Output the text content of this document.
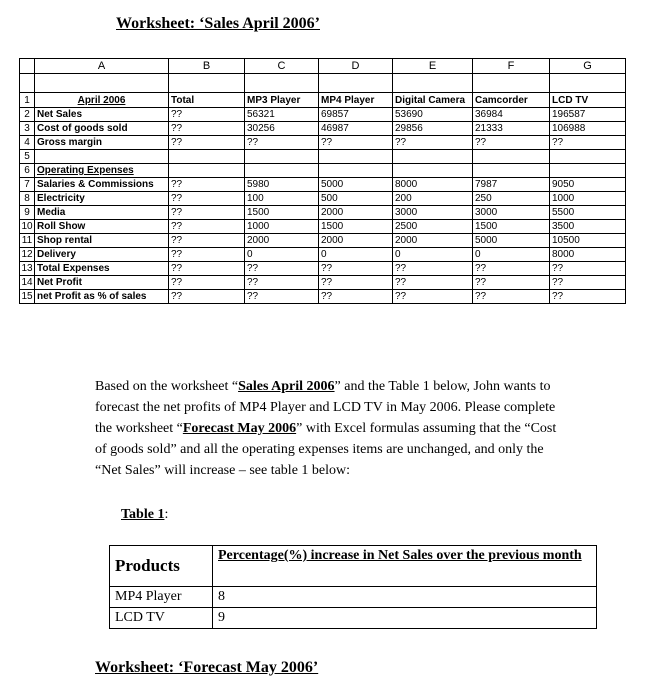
Worksheet: ‘Sales April 2006’
	A	B	C	D	E	F	G

1	April 2006	Total	MP3 Player	MP4 Player	Digital Camera	Camcorder	LCD TV
2	Net Sales	??	56321	69857	53690	36984	196587
3	Cost of goods sold	??	30256	46987	29856	21333	106988
4	Gross margin	??	??	??	??	??	??
5							
6	Operating Expenses						
7	Salaries & Commissions	??	5980	5000	8000	7987	9050
8	Electricity	??	100	500	200	250	1000
9	Media	??	1500	2000	3000	3000	5500
10	Roll Show	??	1000	1500	2500	1500	3500
11	Shop rental	??	2000	2000	2000	5000	10500
12	Delivery	??	0	0	0	0	8000
13	Total Expenses	??	??	??	??	??	??
14	Net Profit	??	??	??	??	??	??
15	net Profit as % of sales	??	??	??	??	??	??
Based on the worksheet “Sales April 2006” and the Table 1 below, John wants to forecast the net profits of MP4 Player and LCD TV in May 2006. Please complete the worksheet “Forecast May 2006” with Excel formulas assuming that the “Cost of goods sold” and all the operating expenses items are unchanged, and only the “Net Sales” will increase – see table 1 below:
Table 1:
Products	Percentage(%) increase in Net Sales over the previous month
MP4 Player	8
LCD TV	9
Worksheet: ‘Forecast May 2006’
